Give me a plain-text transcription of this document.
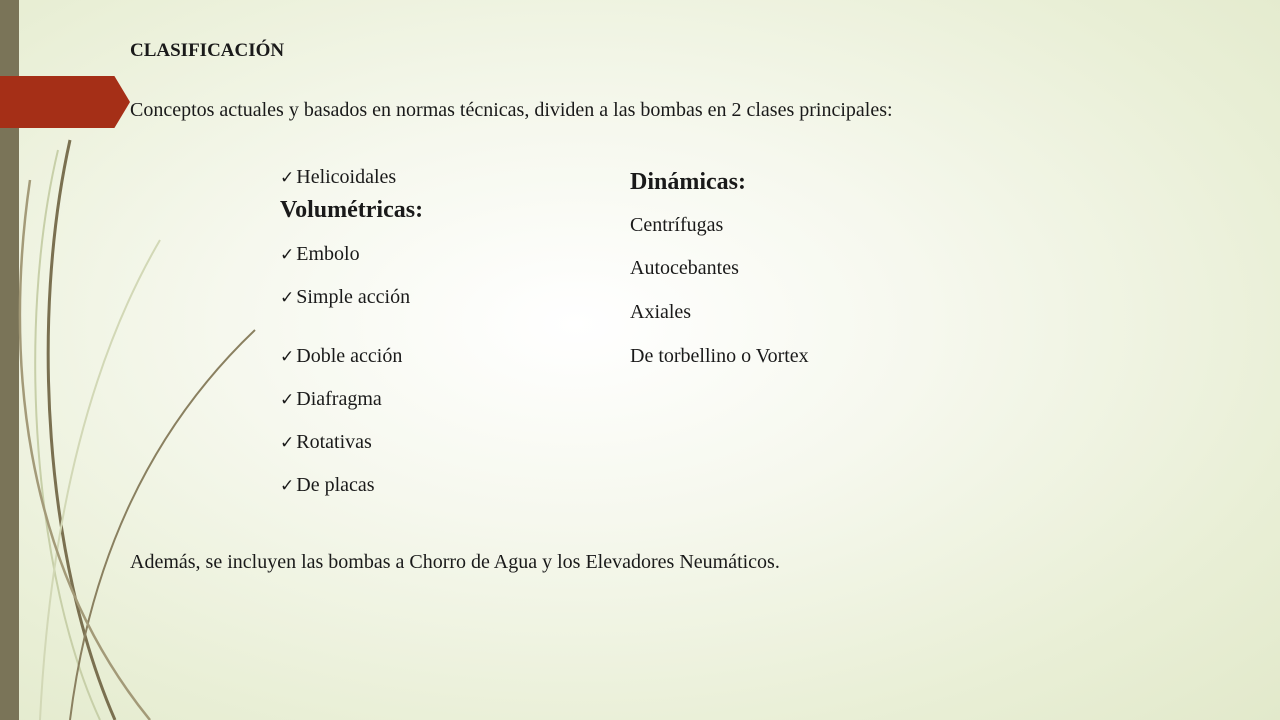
CLASIFICACIÓN
Conceptos actuales y basados en normas técnicas, dividen a las bombas en 2 clases principales:
✓ Helicoidales
Volumétricas:
✓ Embolo
✓ Simple acción
✓ Doble acción
✓ Diafragma
✓ Rotativas
✓ De placas
Dinámicas:
Centrífugas
Autocebantes
Axiales
De torbellino o Vortex
Además, se incluyen las bombas a Chorro de Agua y los Elevadores Neumáticos.
